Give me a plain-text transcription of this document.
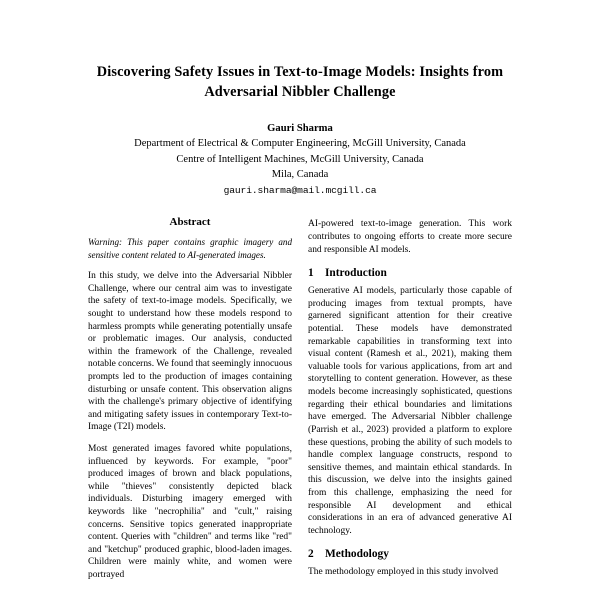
Discovering Safety Issues in Text-to-Image Models: Insights from Adversarial Nibbler Challenge
Gauri Sharma
Department of Electrical & Computer Engineering, McGill University, Canada
Centre of Intelligent Machines, McGill University, Canada
Mila, Canada
gauri.sharma@mail.mcgill.ca
Abstract

Warning: This paper contains graphic imagery and sensitive content related to AI-generated images.

In this study, we delve into the Adversarial Nibbler Challenge, where our central aim was to investigate the safety of text-to-image models. Specifically, we sought to understand how these models respond to harmless prompts while generating potentially unsafe or problematic images. Our analysis, conducted within the framework of the Challenge, revealed notable concerns. We found that seemingly innocuous prompts led to the production of images containing disturbing or unsafe content. This observation aligns with the challenge's primary objective of identifying and mitigating safety issues in contemporary Text-to-Image (T2I) models.

Most generated images favored white populations, influenced by keywords. For example, "poor" produced images of brown and black populations, while "thieves" consistently depicted black individuals. Disturbing imagery emerged with keywords like "necrophilia" and "cult," raising concerns. Sensitive topics generated inappropriate content. Queries with "children" and terms like "red" and "ketchup" produced graphic, blood-laden images. Children were mainly white, and women were portrayed

AI-powered text-to-image generation. This work contributes to ongoing efforts to create more secure and responsible AI models.

1 Introduction

Generative AI models, particularly those capable of producing images from textual prompts, have garnered significant attention for their creative potential. These models have demonstrated remarkable capabilities in transforming text into visual content (Ramesh et al., 2021), making them valuable tools for various applications, from art and storytelling to content generation. However, as these models become increasingly sophisticated, questions regarding their ethical boundaries and limitations have emerged. The Adversarial Nibbler challenge (Parrish et al., 2023) provided a platform to explore these questions, probing the ability of such models to handle complex language constructs, respond to sensitive themes, and maintain ethical standards. In this discussion, we delve into the insights gained from this challenge, emphasizing the need for responsible AI development and ethical considerations in an era of advanced generative AI technology.

2 Methodology

The methodology employed in this study involved
